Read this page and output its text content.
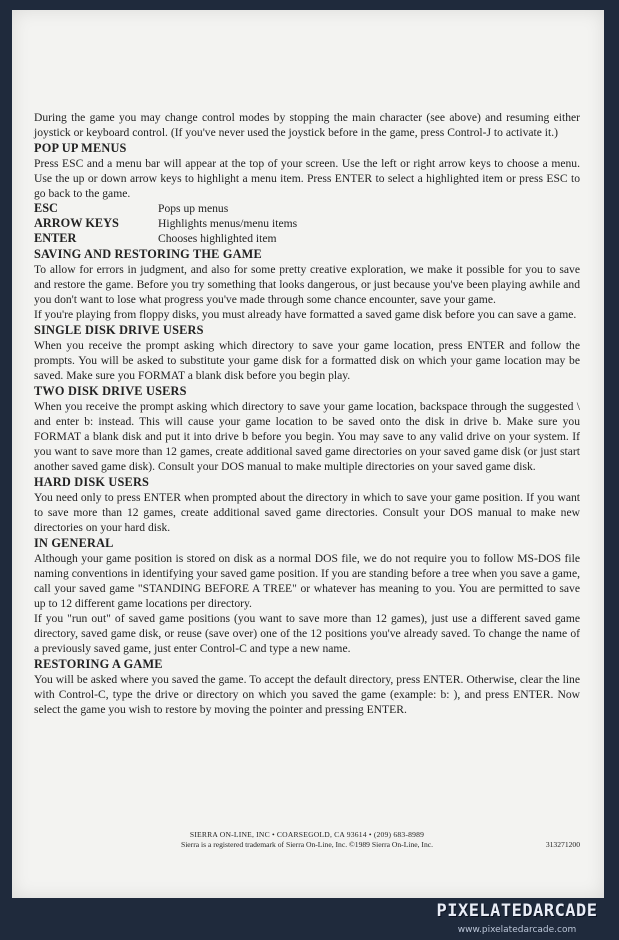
During the game you may change control modes by stopping the main character (see above) and resuming either joystick or keyboard control. (If you've never used the joystick before in the game, press Control-J to activate it.)

POP UP MENUS

Press ESC and a menu bar will appear at the top of your screen. Use the left or right arrow keys to choose a menu. Use the up or down arrow keys to highlight a menu item. Press ENTER to select a highlighted item or press ESC to go back to the game.

ESC	Pops up menus
ARROW KEYS	Highlights menus/menu items
ENTER	Chooses highlighted item
SAVING AND RESTORING THE GAME

To allow for errors in judgment, and also for some pretty creative exploration, we make it possible for you to save and restore the game. Before you try something that looks dangerous, or just because you've been playing awhile and you don't want to lose what progress you've made through some chance encounter, save your game.

If you're playing from floppy disks, you must already have formatted a saved game disk before you can save a game.

SINGLE DISK DRIVE USERS

When you receive the prompt asking which directory to save your game location, press ENTER and follow the prompts. You will be asked to substitute your game disk for a formatted disk on which your game location may be saved. Make sure you FORMAT a blank disk before you begin play.

TWO DISK DRIVE USERS

When you receive the prompt asking which directory to save your game location, backspace through the suggested \ and enter b: instead. This will cause your game location to be saved onto the disk in drive b. Make sure you FORMAT a blank disk and put it into drive b before you begin. You may save to any valid drive on your system. If you want to save more than 12 games, create additional saved game directories on your saved game disk (or just start another saved game disk). Consult your DOS manual to make multiple directories on your saved game disk.

HARD DISK USERS

You need only to press ENTER when prompted about the directory in which to save your game position. If you want to save more than 12 games, create additional saved game directories. Consult your DOS manual to make new directories on your hard disk.

IN GENERAL

Although your game position is stored on disk as a normal DOS file, we do not require you to follow MS-DOS file naming conventions in identifying your saved game position. If you are standing before a tree when you save a game, call your saved game "STANDING BEFORE A TREE" or whatever has meaning to you. You are permitted to save up to 12 different game locations per directory.

If you "run out" of saved game positions (you want to save more than 12 games), just use a different saved game directory, saved game disk, or reuse (save over) one of the 12 positions you've already saved. To change the name of a previously saved game, just enter Control-C and type a new name.

RESTORING A GAME

You will be asked where you saved the game. To accept the default directory, press ENTER. Otherwise, clear the line with Control-C, type the drive or directory on which you saved the game (example: b: ), and press ENTER. Now select the game you wish to restore by moving the pointer and pressing ENTER.

SIERRA ON-LINE, INC • COARSEGOLD, CA 93614 • (209) 683-8989
Sierra is a registered trademark of Sierra On-Line, Inc. ©1989 Sierra On-Line, Inc.	313271200
PIXELATEDARCADE
www.pixelatedarcade.com
